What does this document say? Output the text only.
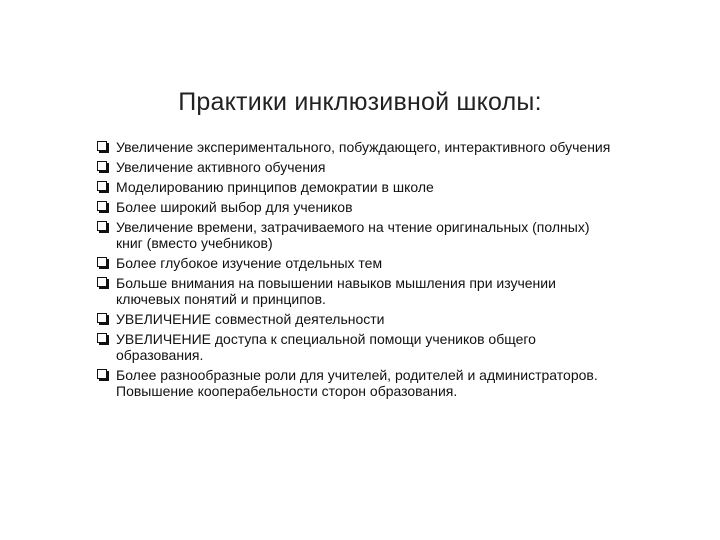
Практики инклюзивной школы:
Увеличение экспериментального, побуждающего, интерактивного обучения
Увеличение активного обучения
Моделированию принципов демократии в школе
Более широкий выбор для учеников
Увеличение времени, затрачиваемого на чтение оригинальных (полных) книг (вместо учебников)
Более глубокое изучение отдельных тем
Больше внимания на повышении навыков мышления при изучении ключевых понятий и принципов.
УВЕЛИЧЕНИЕ совместной деятельности
УВЕЛИЧЕНИЕ доступа к специальной помощи учеников общего образования.
Более разнообразные роли для учителей, родителей и администраторов. Повышение кооперабельности сторон образования.
